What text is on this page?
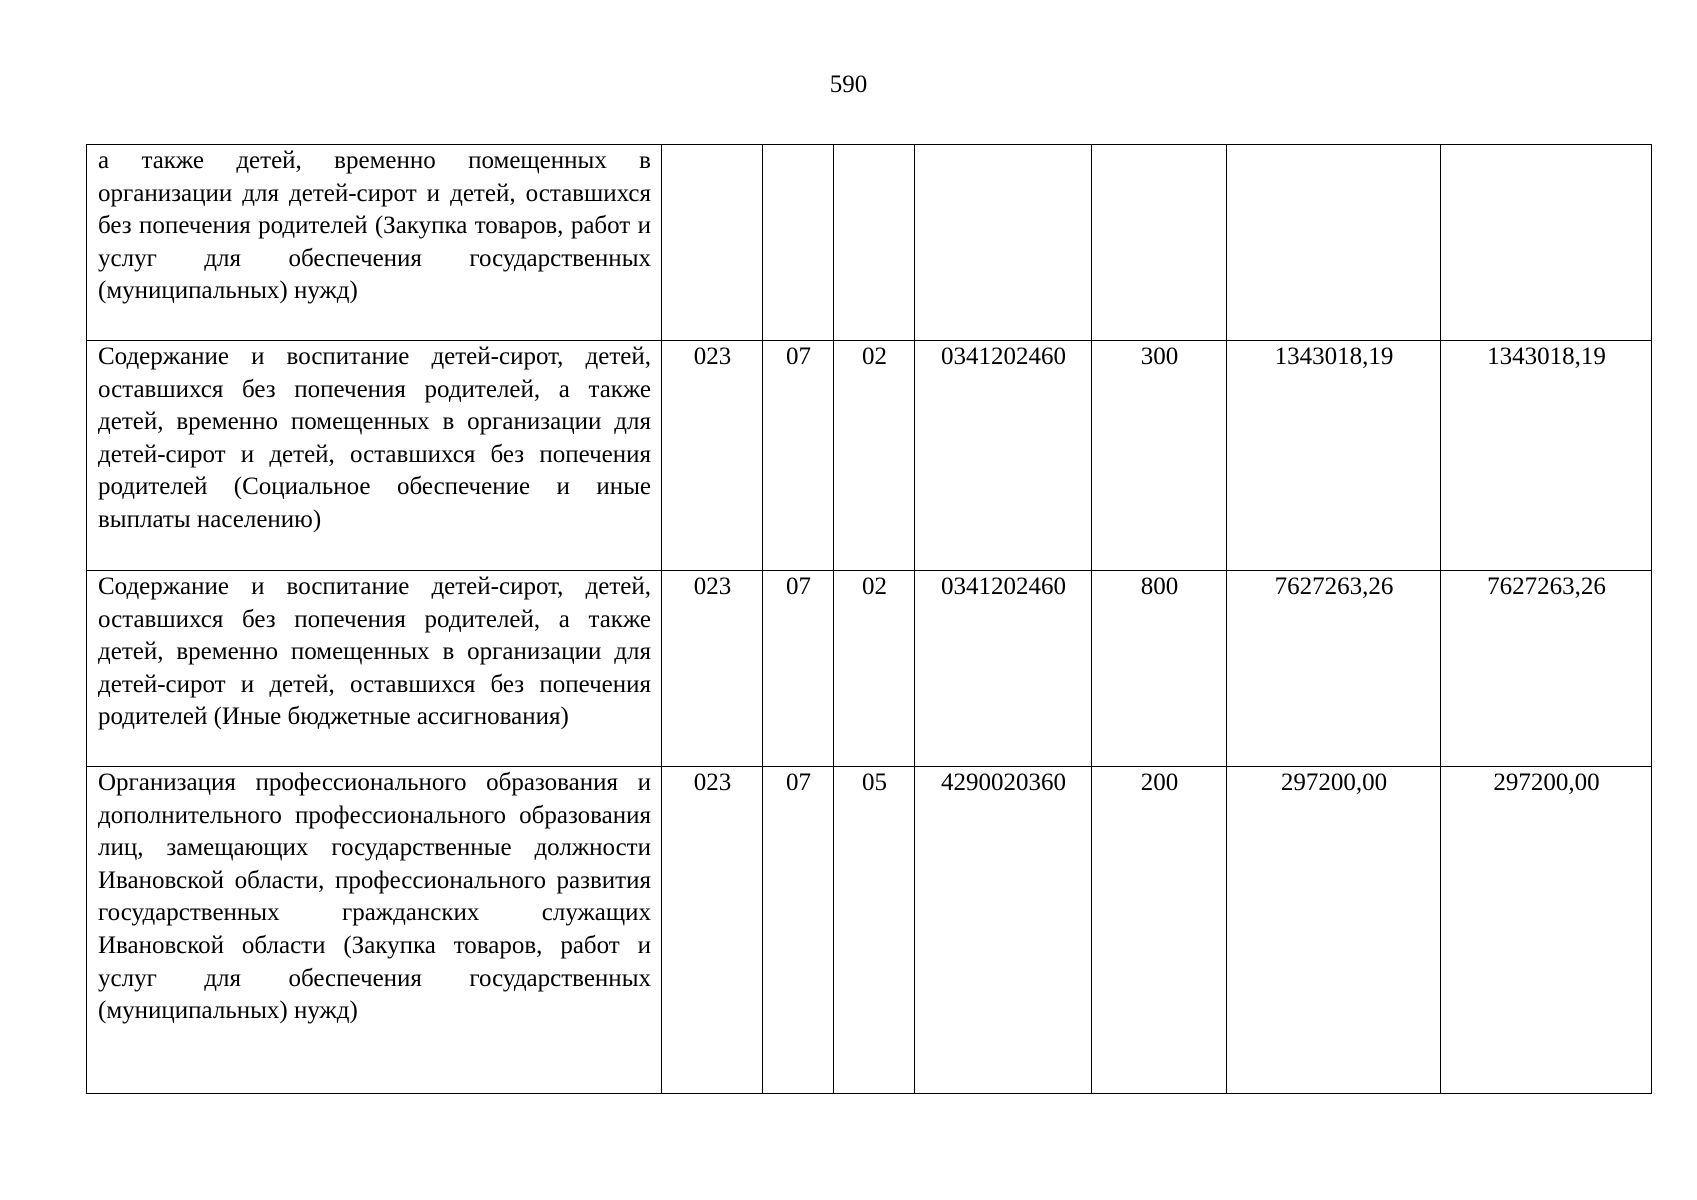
590
а также детей, временно помещенных в организации для детей-сирот и детей, оставшихся без попечения родителей (Закупка товаров, работ и услуг для обеспечения государственных (муниципальных) нужд)							
Содержание и воспитание детей-сирот, детей, оставшихся без попечения родителей, а также детей, временно помещенных в организации для детей-сирот и детей, оставшихся без попечения родителей (Социальное обеспечение и иные выплаты населению)	023	07	02	0341202460	300	1343018,19	1343018,19
Содержание и воспитание детей-сирот, детей, оставшихся без попечения родителей, а также детей, временно помещенных в организации для детей-сирот и детей, оставшихся без попечения родителей (Иные бюджетные ассигнования)	023	07	02	0341202460	800	7627263,26	7627263,26
Организация профессионального образования и дополнительного профессионального образования лиц, замещающих государственные должности Ивановской области, профессионального развития государственных гражданских служащих Ивановской области (Закупка товаров, работ и услуг для обеспечения государственных (муниципальных) нужд)	023	07	05	4290020360	200	297200,00	297200,00
